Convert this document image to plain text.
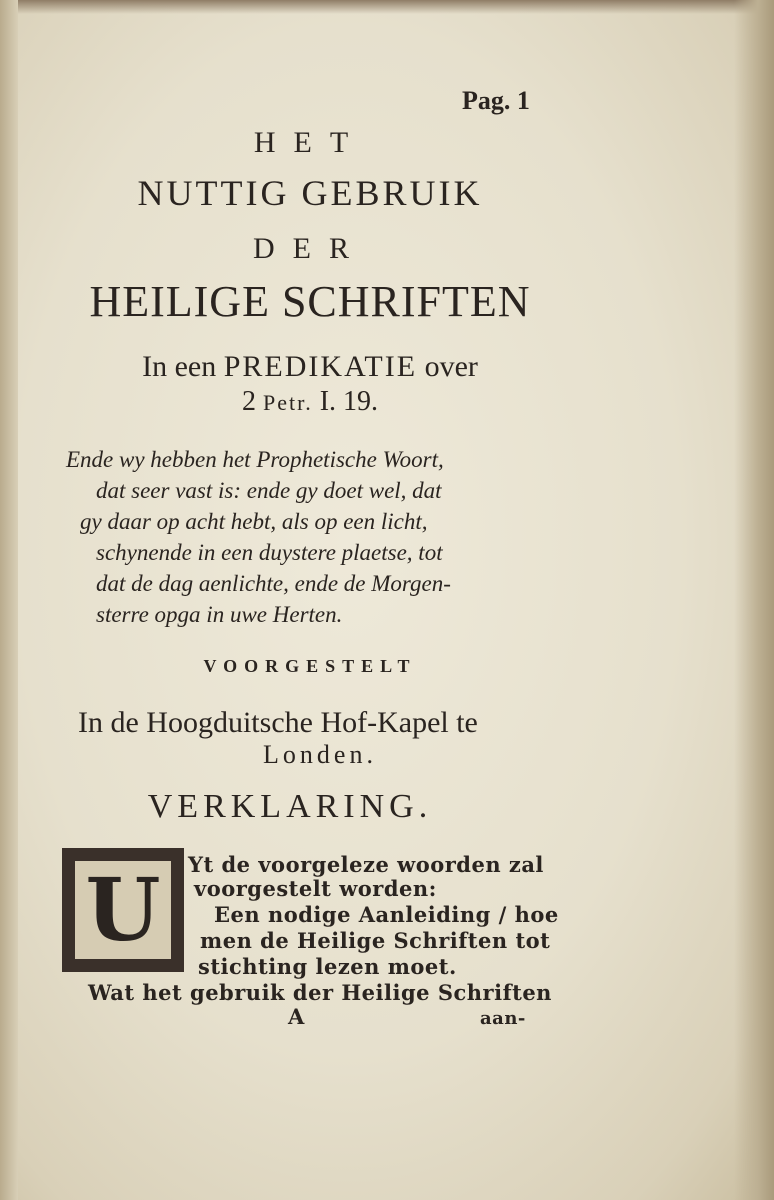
Pag. 1
HET
NUTTIG GEBRUIK
DER
HEILIGE SCHRIFTEN
In een PREDIKATIE over
2 Petr. I. 19.
Ende wy hebben het Prophetische Woort,
dat seer vast is: ende gy doet wel, dat
gy daar op acht hebt, als op een licht,
schynende in een duystere plaetse, tot
dat de dag aenlichte, ende de Morgen-
sterre opga in uwe Herten.
VOORGESTELT
In de Hoogduitsche Hof-Kapel te
Londen.
VERKLARING.
U	Yt de voorgeleze woorden zal
voorgestelt worden:
Een nodige Aanleiding / hoe
men de Heilige Schriften tot
stichting lezen moet.
Wat het gebruik der Heilige Schriften
A	aan-
